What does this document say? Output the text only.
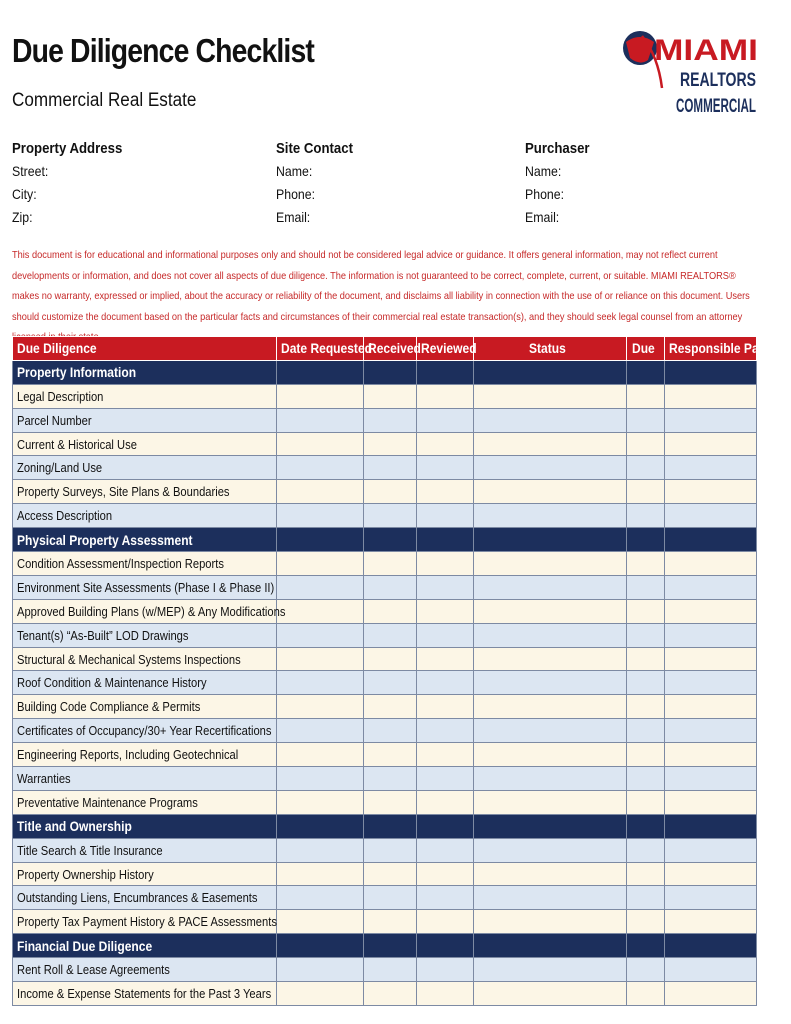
Due Diligence Checklist
Commercial Real Estate
MIAMI
REALTORS
COMMERCIAL
Property Address
Street:
City:
Zip:
Site Contact
Name:
Phone:
Email:
Purchaser
Name:
Phone:
Email:
This document is for educational and informational purposes only and should not be considered legal advice or guidance. It offers general information, may not reflect current developments or information, and does not cover all aspects of due diligence. The information is not guaranteed to be correct, complete, current, or suitable. MIAMI REALTORS® makes no warranty, expressed or implied, about the accuracy or reliability of the document, and disclaims all liability in connection with the use of or reliance on this document. Users should customize the document based on the particular facts and circumstances of their commercial real estate transaction(s), and they should seek legal counsel from an attorney
Due Diligence	Date Requested	Received	Reviewed	Status	Due	Responsible Party
Property Information						
Legal Description						
Parcel Number						
Current & Historical Use						
Zoning/Land Use						
Property Surveys, Site Plans & Boundaries						
Access Description						
Physical Property Assessment						
Condition Assessment/Inspection Reports						
Environment Site Assessments (Phase I & Phase II)						
Approved Building Plans (w/MEP) & Any Modifications						
Tenant(s) “As-Built” LOD Drawings						
Structural & Mechanical Systems Inspections						
Roof Condition & Maintenance History						
Building Code Compliance & Permits						
Certificates of Occupancy/30+ Year Recertifications						
Engineering Reports, Including Geotechnical						
Warranties						
Preventative Maintenance Programs						
Title and Ownership						
Title Search & Title Insurance						
Property Ownership History						
Outstanding Liens, Encumbrances & Easements						
Property Tax Payment History & PACE Assessments						
Financial Due Diligence						
Rent Roll & Lease Agreements						
Income & Expense Statements for the Past 3 Years						
